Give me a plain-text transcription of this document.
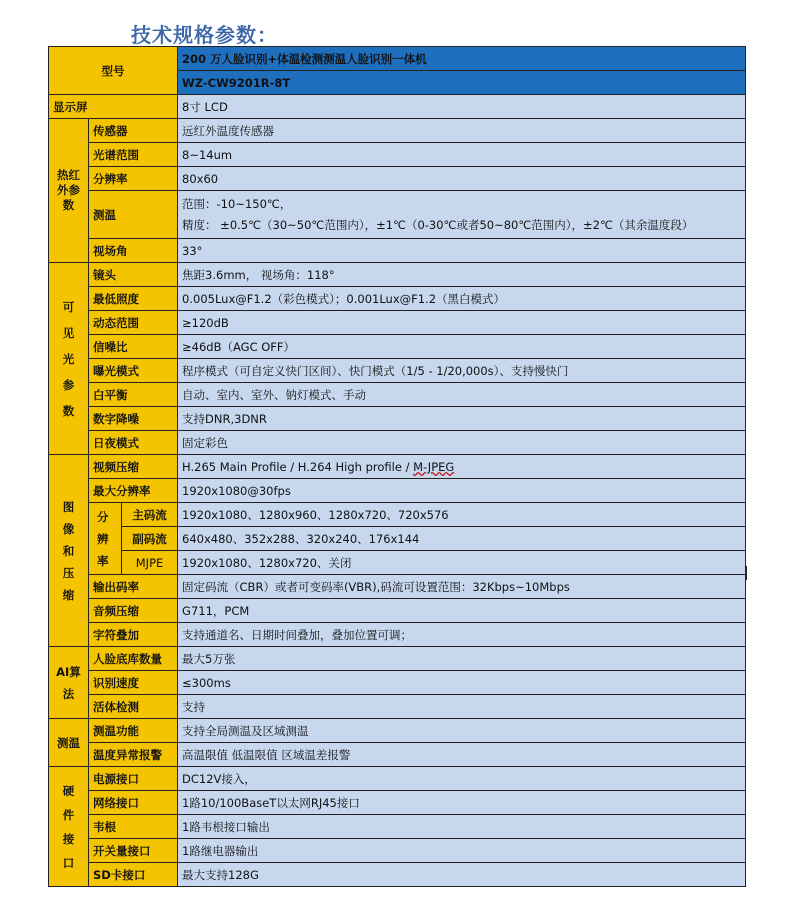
技术规格参数：
型号			200 万人脸识别+体温检测测温人脸识别一体机
			WZ-CW9201R-8T
显示屏			8寸 LCD
热红外参数	传感器		远红外温度传感器
	光谱范围		8~14um
	分辨率		80x60
	测温		范围：-10~150℃，
精度： ±0.5℃（30~50℃范围内），±1℃（0-30℃或者50~80℃范围内），±2℃（其余温度段）

	视场角		33°
可见光参数	镜头		焦距3.6mm， 视场角：118°
	最低照度		0.005Lux@F1.2（彩色模式）；0.001Lux@F1.2（黑白模式）
	动态范围		≥120dB
	信噪比		≥46dB（AGC OFF）
	曝光模式		程序模式（可自定义快门区间）、快门模式（1/5 - 1/20,000s）、支持慢快门
	白平衡		自动、室内、室外、钠灯模式、手动
	数字降噪		支持DNR,3DNR
	日夜模式		固定彩色
图像和压缩	视频压缩		H.265 Main Profile / H.264 High profile / M-JPEG
	最大分辨率		1920x1080@30fps
	分辨率	主码流	1920x1080、1280x960、1280x720、720x576
		副码流	640x480、352x288、320x240、176x144
		MJPE	1920x1080、1280x720、关闭
	输出码率		固定码流（CBR）或者可变码率(VBR),码流可设置范围：32Kbps~10Mbps
	音频压缩		G711，PCM
	字符叠加		支持通道名、日期时间叠加，叠加位置可调；
AI算法	人脸底库数量		最大5万张
	识别速度		≤300ms
	活体检测		支持
测温	测温功能		支持全局测温及区域测温
	温度异常报警		高温限值 低温限值 区域温差报警
硬件接口	电源接口		DC12V接入，
	网络接口		1路10/100BaseT以太网RJ45接口
	韦根		1路韦根接口输出
	开关量接口		1路继电器输出
	SD卡接口		最大支持128G
